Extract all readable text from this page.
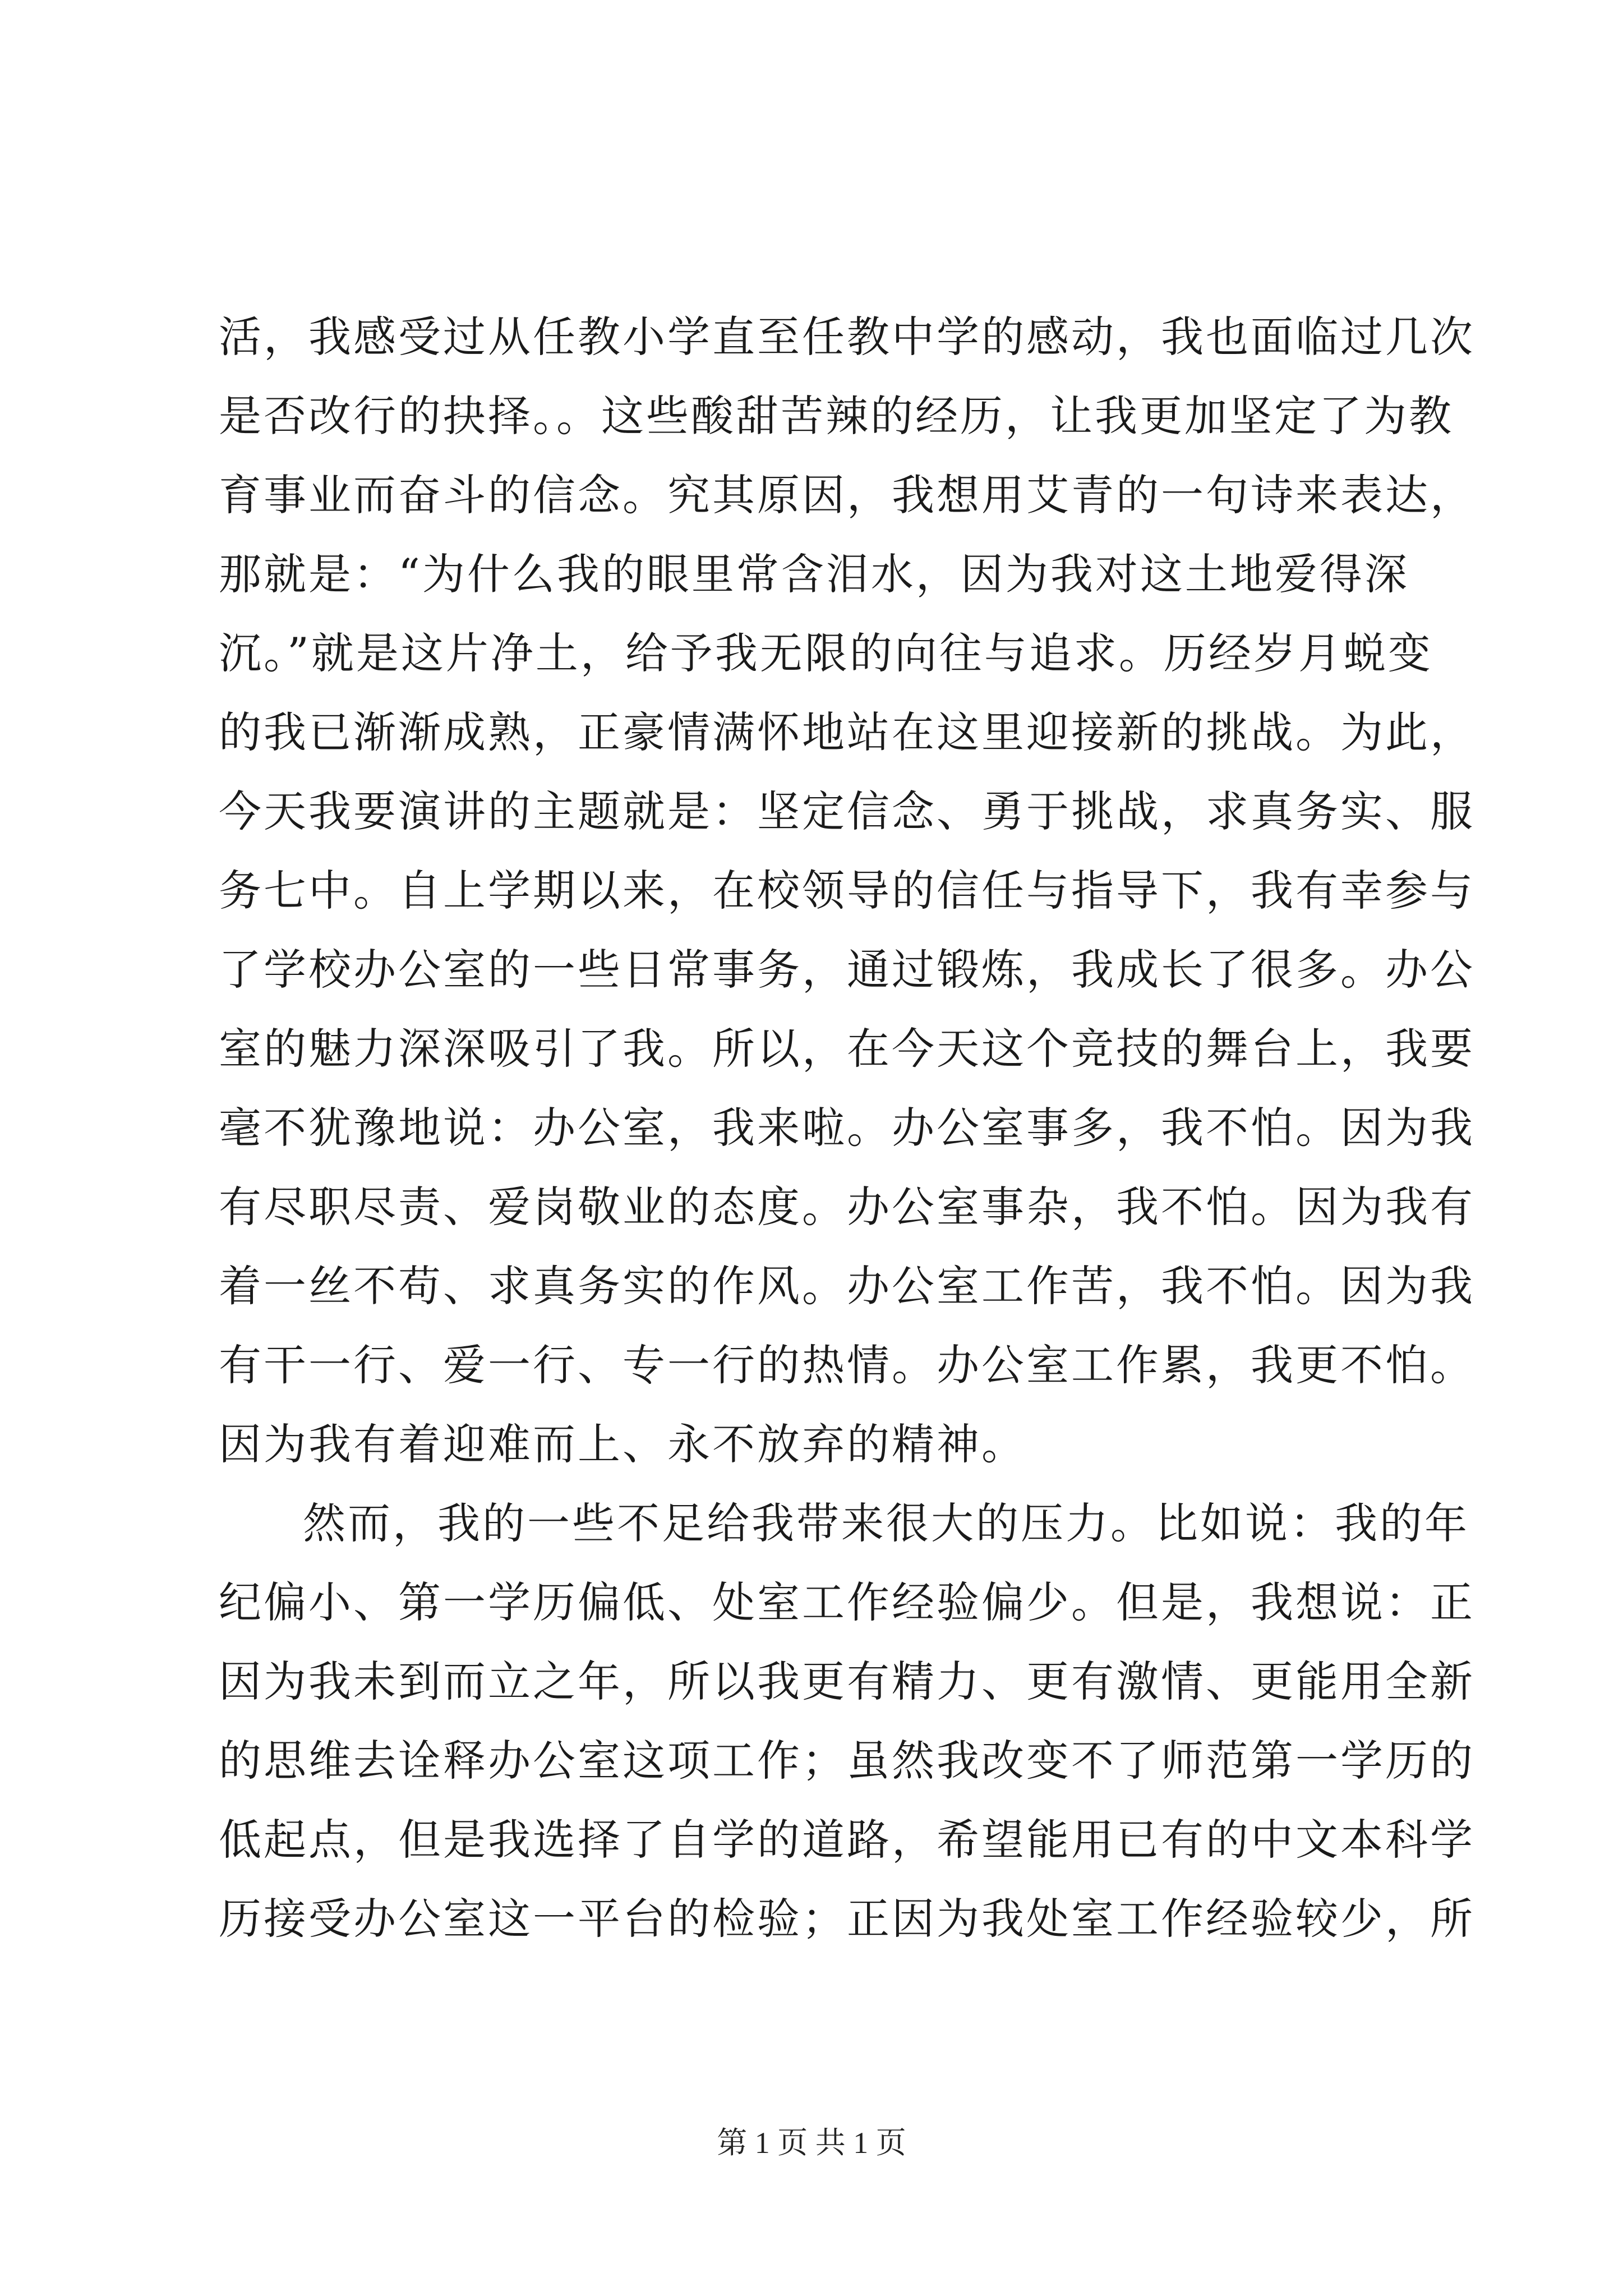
活，我感受过从任教小学直至任教中学的感动，我也面临过几次
是否改行的抉择。。这些酸甜苦辣的经历，让我更加坚定了为教
育事业而奋斗的信念。究其原因，我想用艾青的一句诗来表达，
那就是：“为什么我的眼里常含泪水，因为我对这土地爱得深
沉。”就是这片净土，给予我无限的向往与追求。历经岁月蜕变
的我已渐渐成熟，正豪情满怀地站在这里迎接新的挑战。为此，
今天我要演讲的主题就是：坚定信念、勇于挑战，求真务实、服
务七中。自上学期以来，在校领导的信任与指导下，我有幸参与
了学校办公室的一些日常事务，通过锻炼，我成长了很多。办公
室的魅力深深吸引了我。所以，在今天这个竞技的舞台上，我要
毫不犹豫地说：办公室，我来啦。办公室事多，我不怕。因为我
有尽职尽责、爱岗敬业的态度。办公室事杂，我不怕。因为我有
着一丝不苟、求真务实的作风。办公室工作苦，我不怕。因为我
有干一行、爱一行、专一行的热情。办公室工作累，我更不怕。
因为我有着迎难而上、永不放弃的精神。
然而，我的一些不足给我带来很大的压力。比如说：我的年
纪偏小、第一学历偏低、处室工作经验偏少。但是，我想说：正
因为我未到而立之年，所以我更有精力、更有激情、更能用全新
的思维去诠释办公室这项工作；虽然我改变不了师范第一学历的
低起点，但是我选择了自学的道路，希望能用已有的中文本科学
历接受办公室这一平台的检验；正因为我处室工作经验较少，所
第 1 页 共 1 页
